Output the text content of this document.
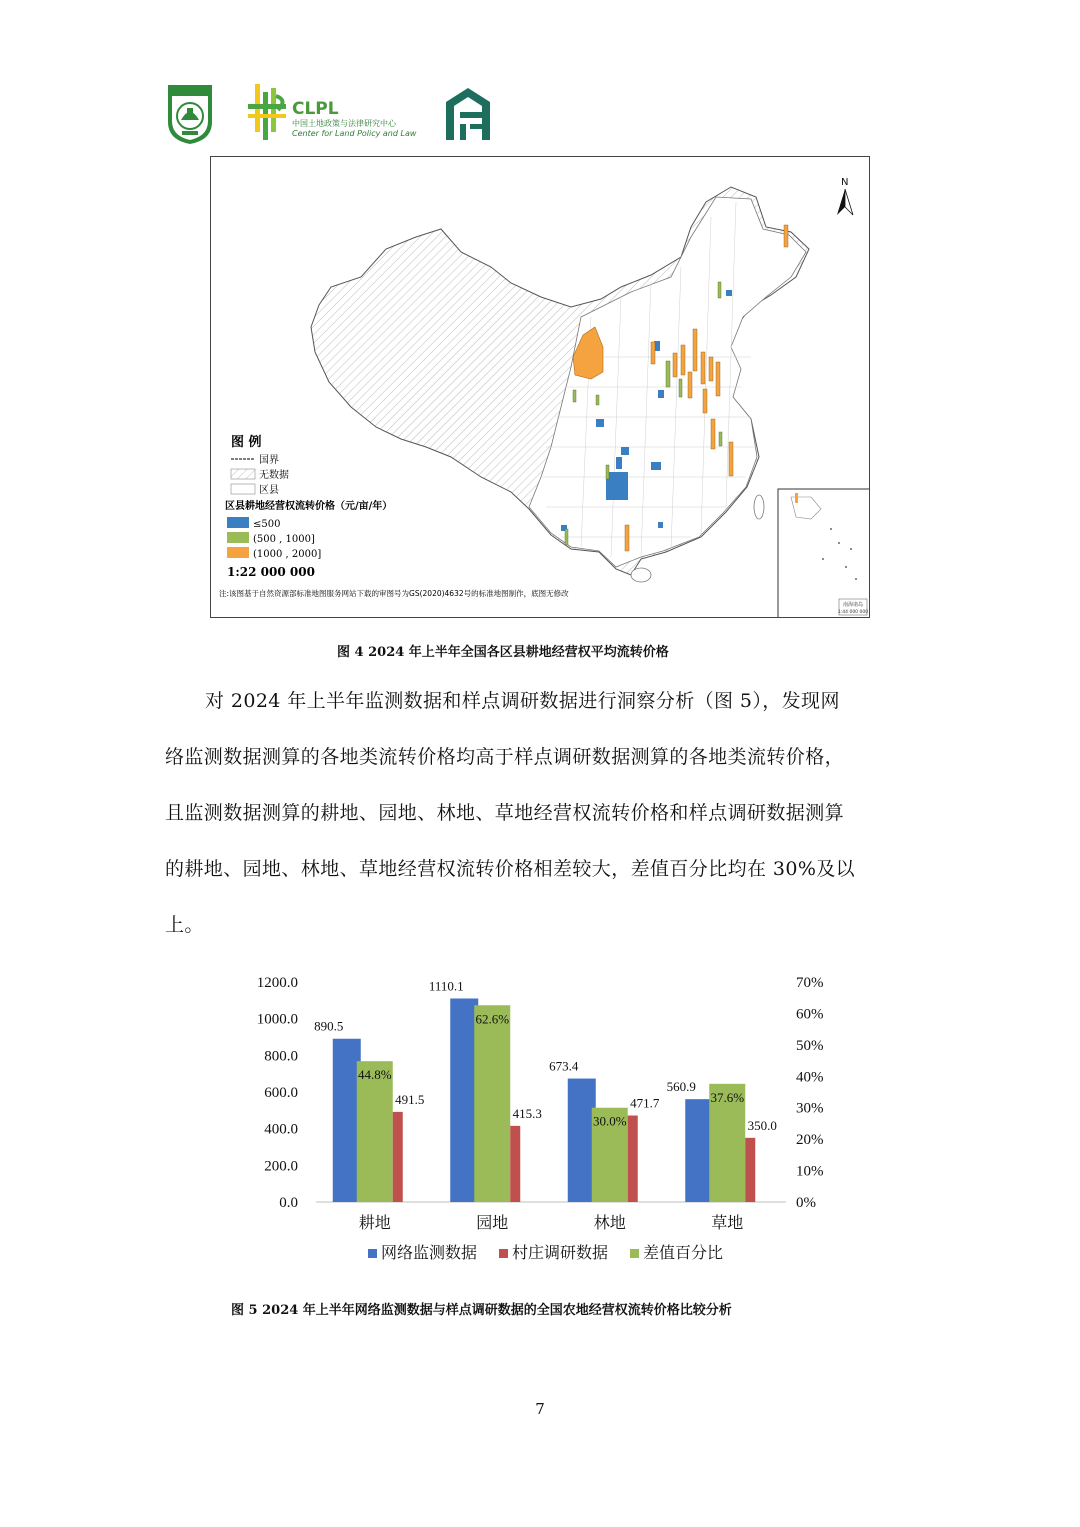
CLPL
中国土地政策与法律研究中心
Center for Land Policy and Law
N
南海诸岛
1:44 000 000
图 例
国界
无数据
区县
区县耕地经营权流转价格（元/亩/年）
≤500
(500 , 1000]
(1000 , 2000]
1:22 000 000
注:该图基于自然资源部标准地图服务网站下载的审图号为GS(2020)4632号的标准地图制作，底图无修改
图 4 2024 年上半年全国各区县耕地经营权平均流转价格
对 2024 年上半年监测数据和样点调研数据进行洞察分析（图 5），发现网
络监测数据测算的各地类流转价格均高于样点调研数据测算的各地类流转价格，
且监测数据测算的耕地、园地、林地、草地经营权流转价格和样点调研数据测算
的耕地、园地、林地、草地经营权流转价格相差较大，差值百分比均在 30%及以
上。
0.0
200.0
400.0
600.0
800.0
1000.0
1200.0
0%
10%
20%
30%
40%
50%
60%
70%
耕地	园地	林地	草地
890.5
44.8%
491.5
1110.1
62.6%
415.3
673.4
30.0%
471.7
560.9
37.6%
350.0
网络监测数据 村庄调研数据 差值百分比
图 5 2024 年上半年网络监测数据与样点调研数据的全国农地经营权流转价格比较分析
7
